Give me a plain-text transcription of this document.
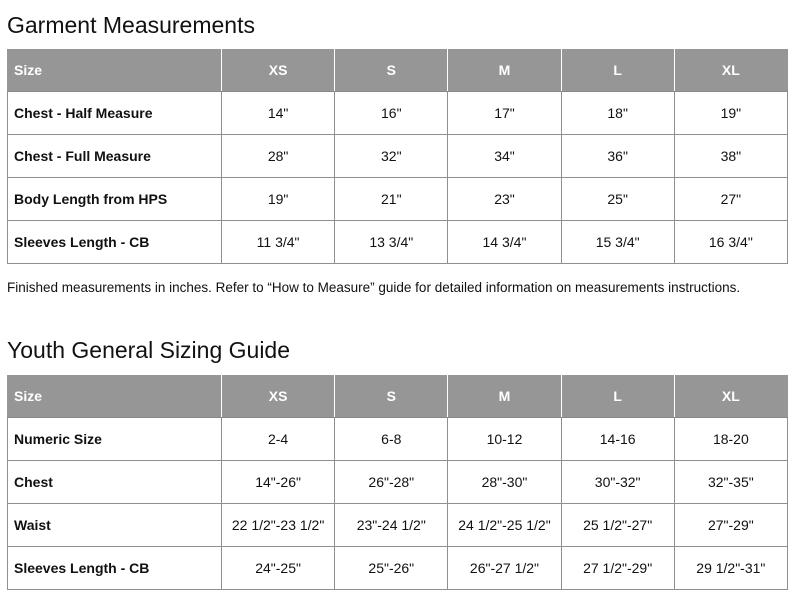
Garment Measurements
Size	XS	S	M	L	XL
Chest - Half Measure	14"	16"	17"	18"	19"
Chest - Full Measure	28"	32"	34"	36"	38"
Body Length from HPS	19"	21"	23"	25"	27"
Sleeves Length - CB	11 3/4"	13 3/4"	14 3/4"	15 3/4"	16 3/4"

Finished measurements in inches. Refer to “How to Measure” guide for detailed information on measurements instructions.

Youth General Sizing Guide
Size	XS	S	M	L	XL
Numeric Size	2-4	6-8	10-12	14-16	18-20
Chest	14"-26"	26"-28"	28"-30"	30"-32"	32"-35"
Waist	22 1/2"-23 1/2"	23"-24 1/2"	24 1/2"-25 1/2"	25 1/2"-27"	27"-29"
Sleeves Length - CB	24"-25"	25"-26"	26"-27 1/2"	27 1/2"-29"	29 1/2"-31"
